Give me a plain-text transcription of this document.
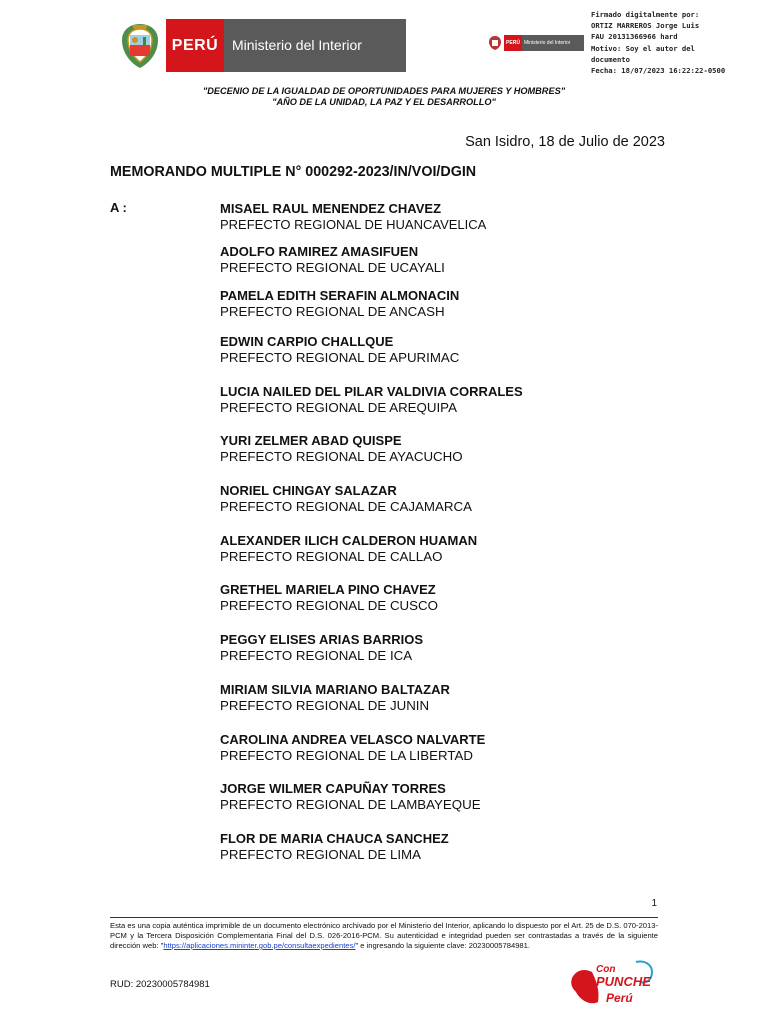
PERÚ Ministerio del Interior	PERÚ Ministerio del Interior
Firmado digitalmente por:
ORTIZ MARREROS Jorge Luis
FAU 20131366966 hard
Motivo: Soy el autor del
documento
Fecha: 18/07/2023 16:22:22-0500
"DECENIO DE LA IGUALDAD DE OPORTUNIDADES PARA MUJERES Y HOMBRES"
"AÑO DE LA UNIDAD, LA PAZ Y EL DESARROLLO"
San Isidro, 18 de Julio de 2023
MEMORANDO MULTIPLE N° 000292-2023/IN/VOI/DGIN
A :	MISAEL RAUL MENENDEZ CHAVEZ
PREFECTO REGIONAL DE HUANCAVELICA
ADOLFO RAMIREZ AMASIFUEN
PREFECTO REGIONAL DE UCAYALI
PAMELA EDITH SERAFIN ALMONACIN
PREFECTO REGIONAL DE ANCASH
EDWIN CARPIO CHALLQUE
PREFECTO REGIONAL DE APURIMAC
LUCIA NAILED DEL PILAR VALDIVIA CORRALES
PREFECTO REGIONAL DE AREQUIPA
YURI ZELMER ABAD QUISPE
PREFECTO REGIONAL DE AYACUCHO
NORIEL CHINGAY SALAZAR
PREFECTO REGIONAL DE CAJAMARCA
ALEXANDER ILICH CALDERON HUAMAN
PREFECTO REGIONAL DE CALLAO
GRETHEL MARIELA PINO CHAVEZ
PREFECTO REGIONAL DE CUSCO
PEGGY ELISES ARIAS BARRIOS
PREFECTO REGIONAL DE ICA
MIRIAM SILVIA MARIANO BALTAZAR
PREFECTO REGIONAL DE JUNIN
CAROLINA ANDREA VELASCO NALVARTE
PREFECTO REGIONAL DE LA LIBERTAD
JORGE WILMER CAPUÑAY TORRES
PREFECTO REGIONAL DE LAMBAYEQUE
FLOR DE MARIA CHAUCA SANCHEZ
PREFECTO REGIONAL DE LIMA
1
Esta es una copia auténtica imprimible de un documento electrónico archivado por el Ministerio del Interior, aplicando lo dispuesto por el Art. 25 de D.S. 070-2013-PCM y la Tercera Disposición Complementaria Final del D.S. 026-2016-PCM. Su autenticidad e integridad pueden ser contrastadas a través de la siguiente dirección web: "https://aplicaciones.mininter.gob.pe/consultaexpedientes/" e ingresando la siguiente clave: 20230005784981.
RUD: 20230005784981
Con
PUNCHE
Perú
